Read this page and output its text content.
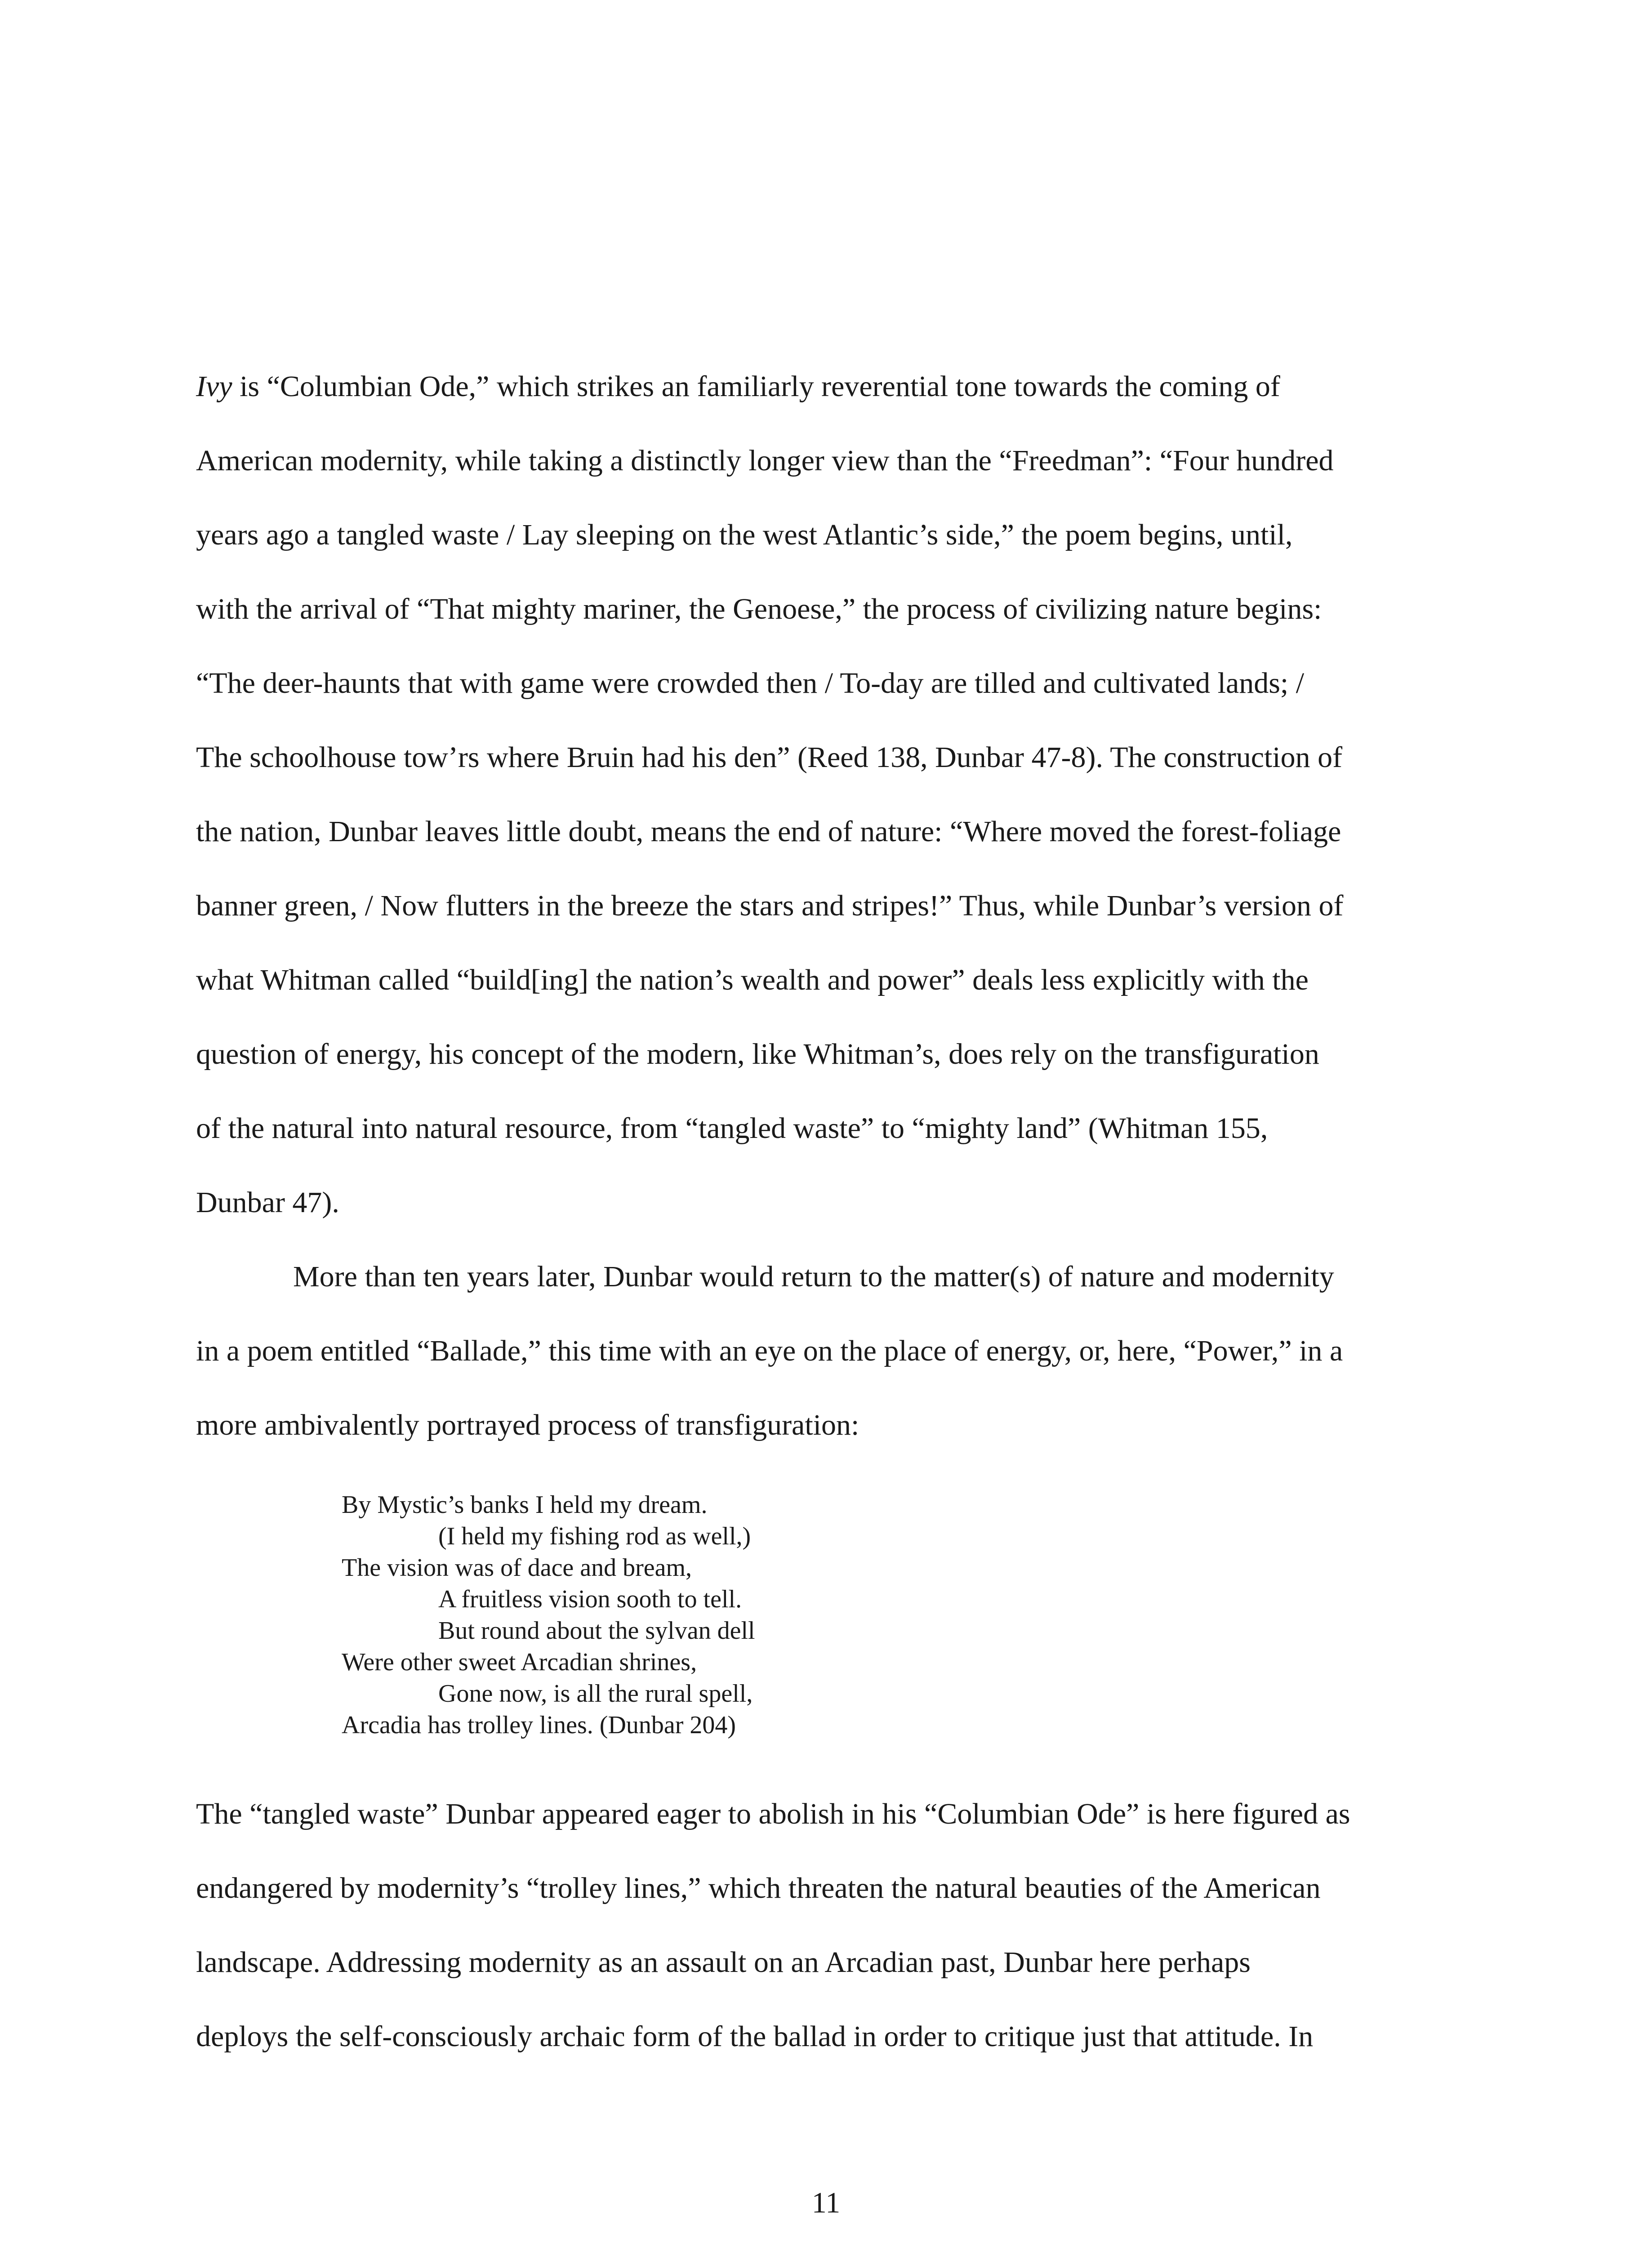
Ivy is “Columbian Ode,” which strikes an familiarly reverential tone towards the coming of
American modernity, while taking a distinctly longer view than the “Freedman”: “Four hundred
years ago a tangled waste / Lay sleeping on the west Atlantic’s side,” the poem begins, until,
with the arrival of “That mighty mariner, the Genoese,” the process of civilizing nature begins:
“The deer-haunts that with game were crowded then / To-day are tilled and cultivated lands; /
The schoolhouse tow’rs where Bruin had his den” (Reed 138, Dunbar 47-8). The construction of
the nation, Dunbar leaves little doubt, means the end of nature: “Where moved the forest-foliage
banner green, / Now flutters in the breeze the stars and stripes!” Thus, while Dunbar’s version of
what Whitman called “build[ing] the nation’s wealth and power” deals less explicitly with the
question of energy, his concept of the modern, like Whitman’s, does rely on the transfiguration
of the natural into natural resource, from “tangled waste” to “mighty land” (Whitman 155,
Dunbar 47).
More than ten years later, Dunbar would return to the matter(s) of nature and modernity
in a poem entitled “Ballade,” this time with an eye on the place of energy, or, here, “Power,” in a
more ambivalently portrayed process of transfiguration:
By Mystic’s banks I held my dream.
(I held my fishing rod as well,)
The vision was of dace and bream,
A fruitless vision sooth to tell.
But round about the sylvan dell
Were other sweet Arcadian shrines,
Gone now, is all the rural spell,
Arcadia has trolley lines. (Dunbar 204)
The “tangled waste” Dunbar appeared eager to abolish in his “Columbian Ode” is here figured as
endangered by modernity’s “trolley lines,” which threaten the natural beauties of the American
landscape. Addressing modernity as an assault on an Arcadian past, Dunbar here perhaps
deploys the self-consciously archaic form of the ballad in order to critique just that attitude. In
11
